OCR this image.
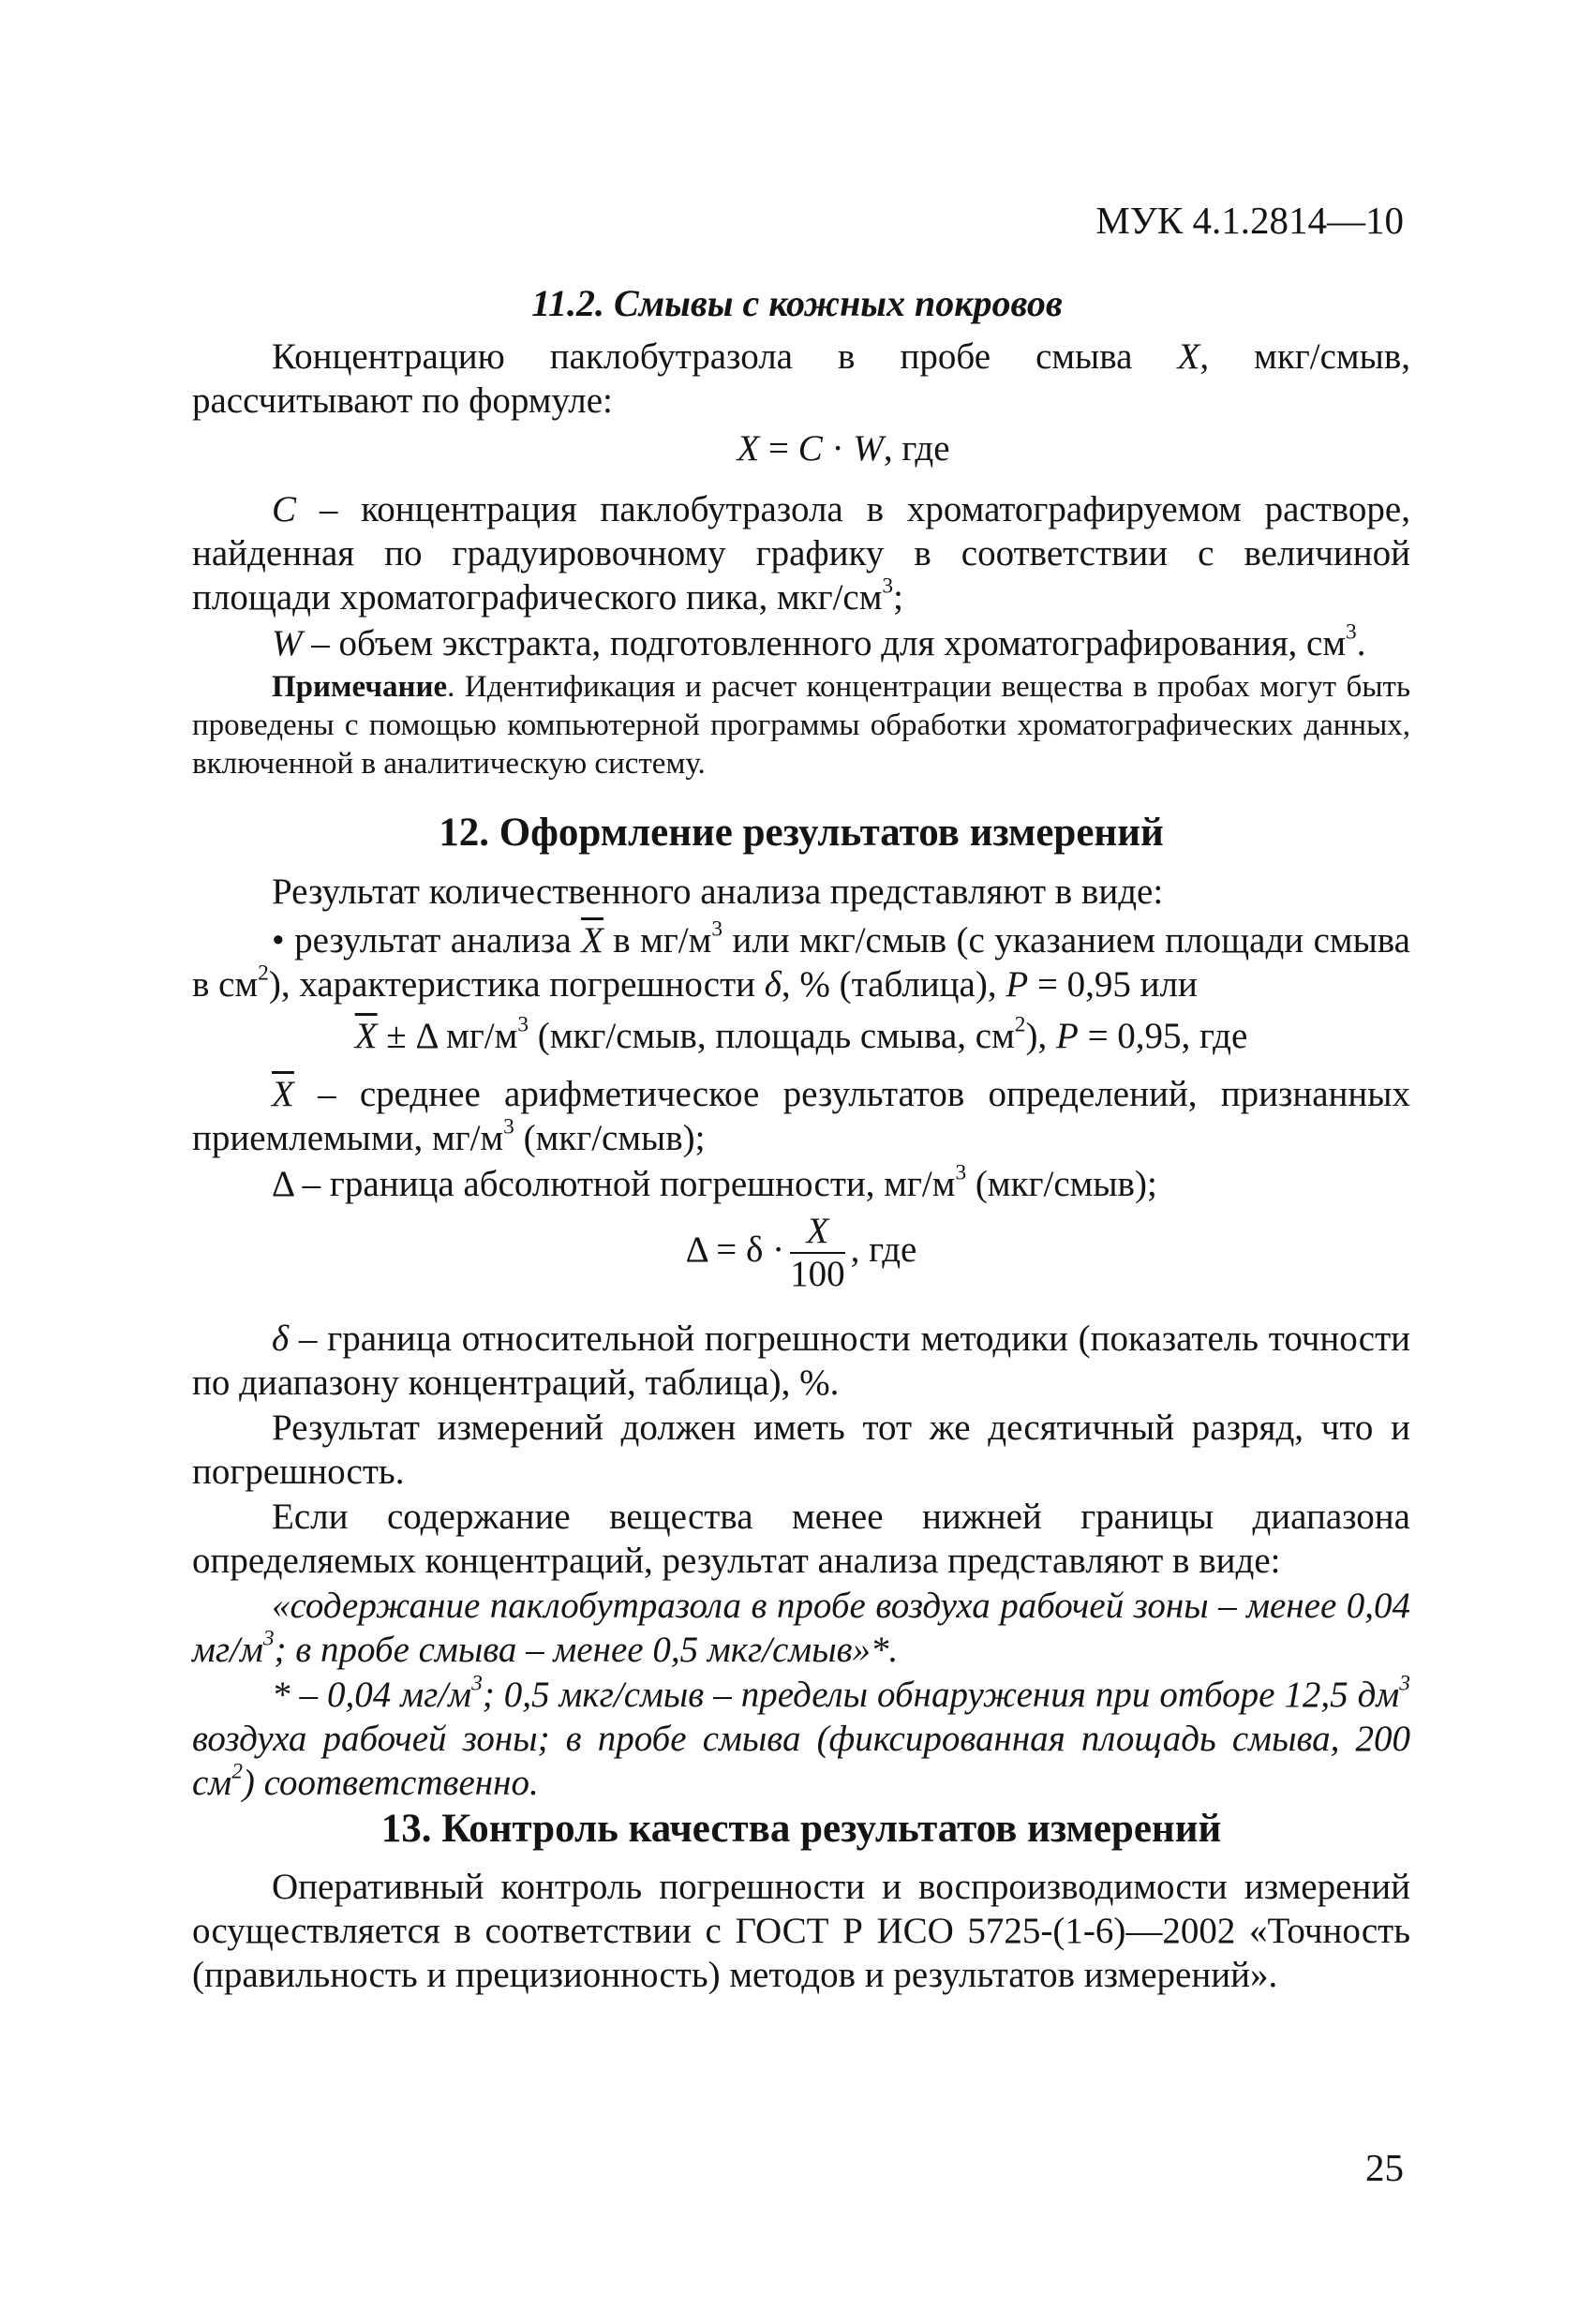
МУК 4.1.2814—10
11.2. Смывы с кожных покровов
Концентрацию паклобутразола в пробе смыва X, мкг/смыв, рассчитывают по формуле:
X = C · W, где
C – концентрация паклобутразола в хроматографируемом растворе, найденная по градуировочному графику в соответствии с величиной площади хроматографического пика, мкг/$см^3$;
W – объем экстракта, подготовленного для хроматографирования, $см^3$.
Примечание. Идентификация и расчет концентрации вещества в пробах могут быть проведены с помощью компьютерной программы обработки хроматографических данных, включенной в аналитическую систему.
12. Оформление результатов измерений
Результат количественного анализа представляют в виде:
• результат анализа $\overline{X}$ в $мг/м^3$ или мкг/смыв (с указанием площади смыва в $см^2$), характеристика погрешности δ, % (таблица), P = 0,95 или
$\overline{X} \pm \Delta$ $мг/м^3$ (мкг/смыв, площадь смыва, $см^2$), P = 0,95, где
$\overline{X}$ – среднее арифметическое результатов определений, признанных приемлемыми, $мг/м^3$ (мкг/смыв);
Δ – граница абсолютной погрешности, $мг/м^3$ (мкг/смыв);
$\Delta = \delta \cdot \frac{X}{100}$ , где
δ – граница относительной погрешности методики (показатель точности по диапазону концентраций, таблица), %.
Результат измерений должен иметь тот же десятичный разряд, что и погрешность.
Если содержание вещества менее нижней границы диапазона определяемых концентраций, результат анализа представляют в виде:
«содержание паклобутразола в пробе воздуха рабочей зоны – менее 0,04 $мг/м^3$; в пробе смыва – менее 0,5 мкг/смыв»*.
* – 0,04 $мг/м^3$; 0,5 мкг/смыв – пределы обнаружения при отборе 12,5 $дм^3$ воздуха рабочей зоны; в пробе смыва (фиксированная площадь смыва, 200 $см^2$) соответственно.
13. Контроль качества результатов измерений
Оперативный контроль погрешности и воспроизводимости измерений осуществляется в соответствии с ГОСТ Р ИСО 5725-(1-6)—2002 «Точность (правильность и прецизионность) методов и результатов измерений».
25
